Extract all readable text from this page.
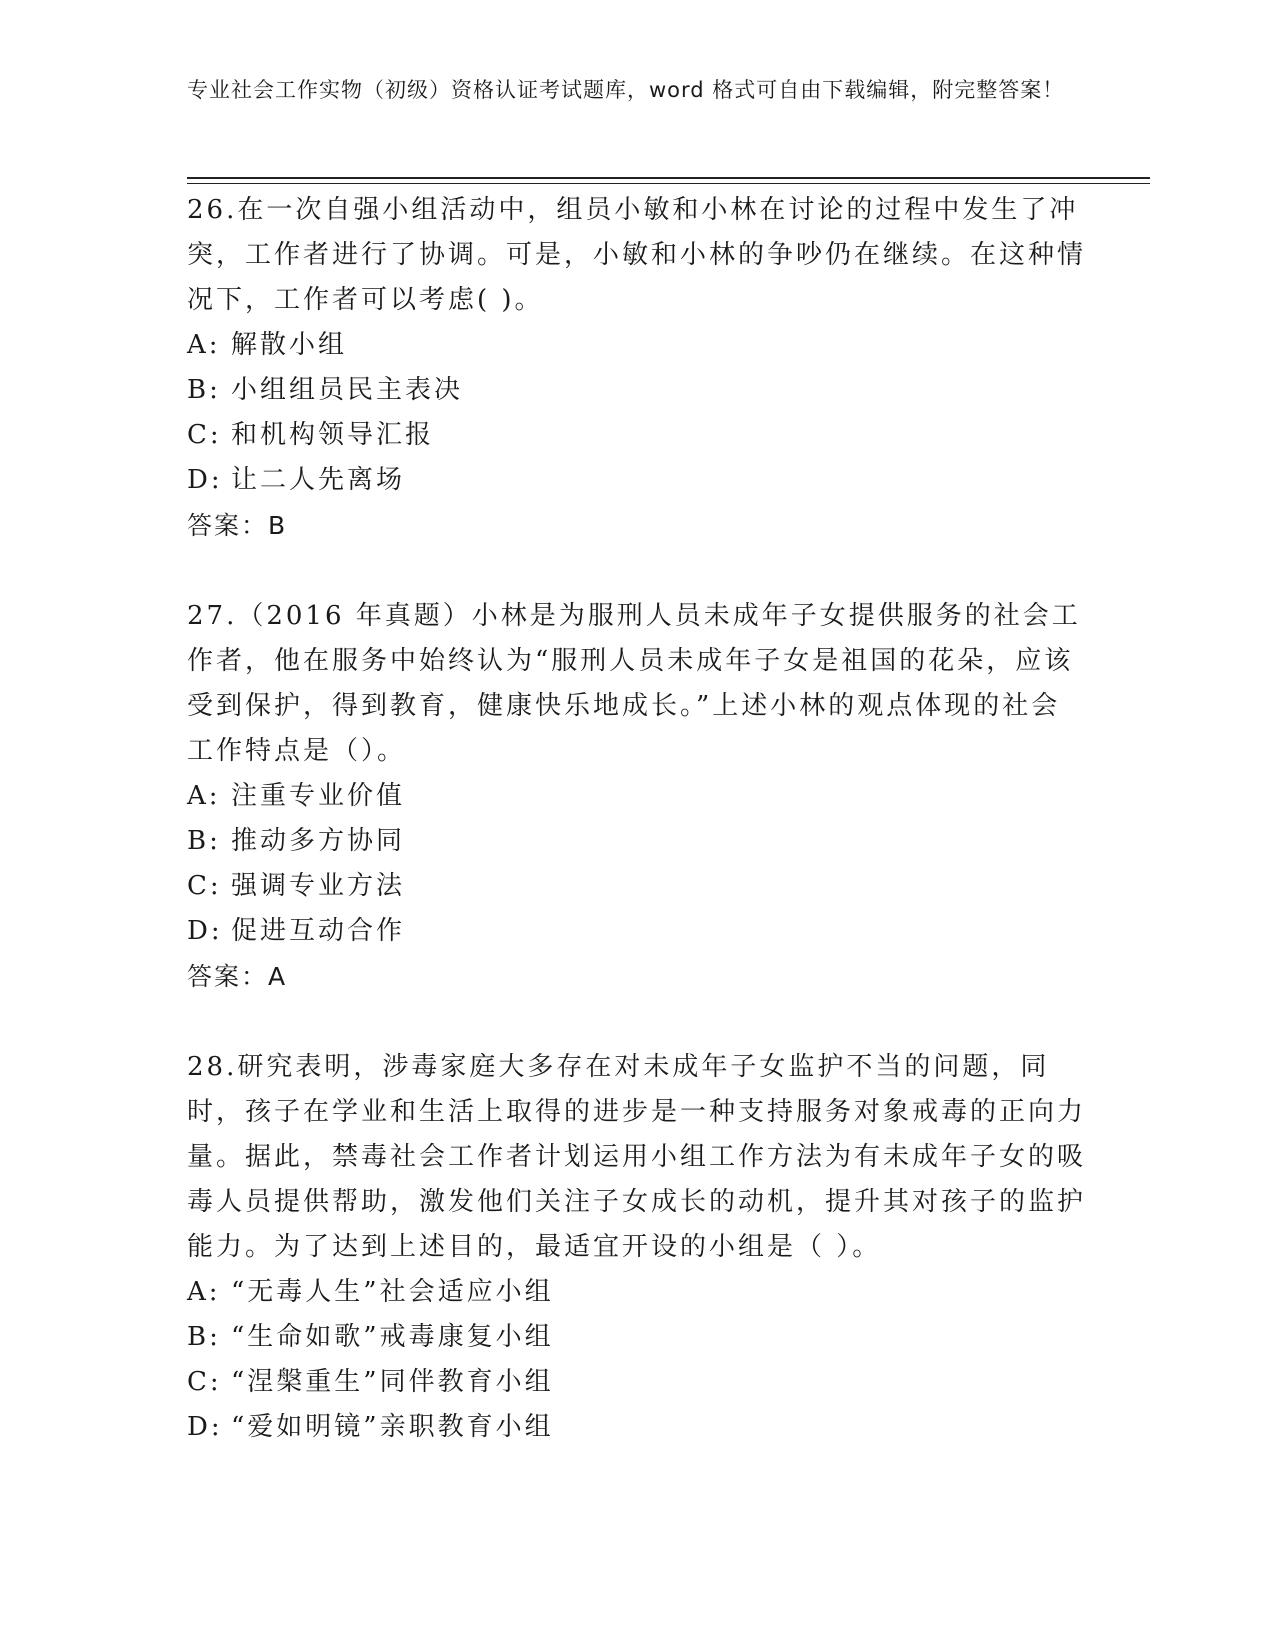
专业社会工作实物（初级）资格认证考试题库，word 格式可自由下载编辑，附完整答案！

26.在一次自强小组活动中，组员小敏和小林在讨论的过程中发生了冲突，工作者进行了协调。可是，小敏和小林的争吵仍在继续。在这种情况下，工作者可以考虑( )。

A: 解散小组

B: 小组组员民主表决

C: 和机构领导汇报

D: 让二人先离场

答案：B

27.（2016 年真题）小林是为服刑人员未成年子女提供服务的社会工作者，他在服务中始终认为“服刑人员未成年子女是祖国的花朵，应该受到保护，得到教育，健康快乐地成长。”上述小林的观点体现的社会工作特点是（）。

A: 注重专业价值

B: 推动多方协同

C: 强调专业方法

D: 促进互动合作

答案：A

28.研究表明，涉毒家庭大多存在对未成年子女监护不当的问题，同时，孩子在学业和生活上取得的进步是一种支持服务对象戒毒的正向力量。据此，禁毒社会工作者计划运用小组工作方法为有未成年子女的吸毒人员提供帮助，激发他们关注子女成长的动机，提升其对孩子的监护能力。为了达到上述目的，最适宜开设的小组是（ ）。

A: “无毒人生”社会适应小组

B: “生命如歌”戒毒康复小组

C: “涅槃重生”同伴教育小组

D: “爱如明镜”亲职教育小组
